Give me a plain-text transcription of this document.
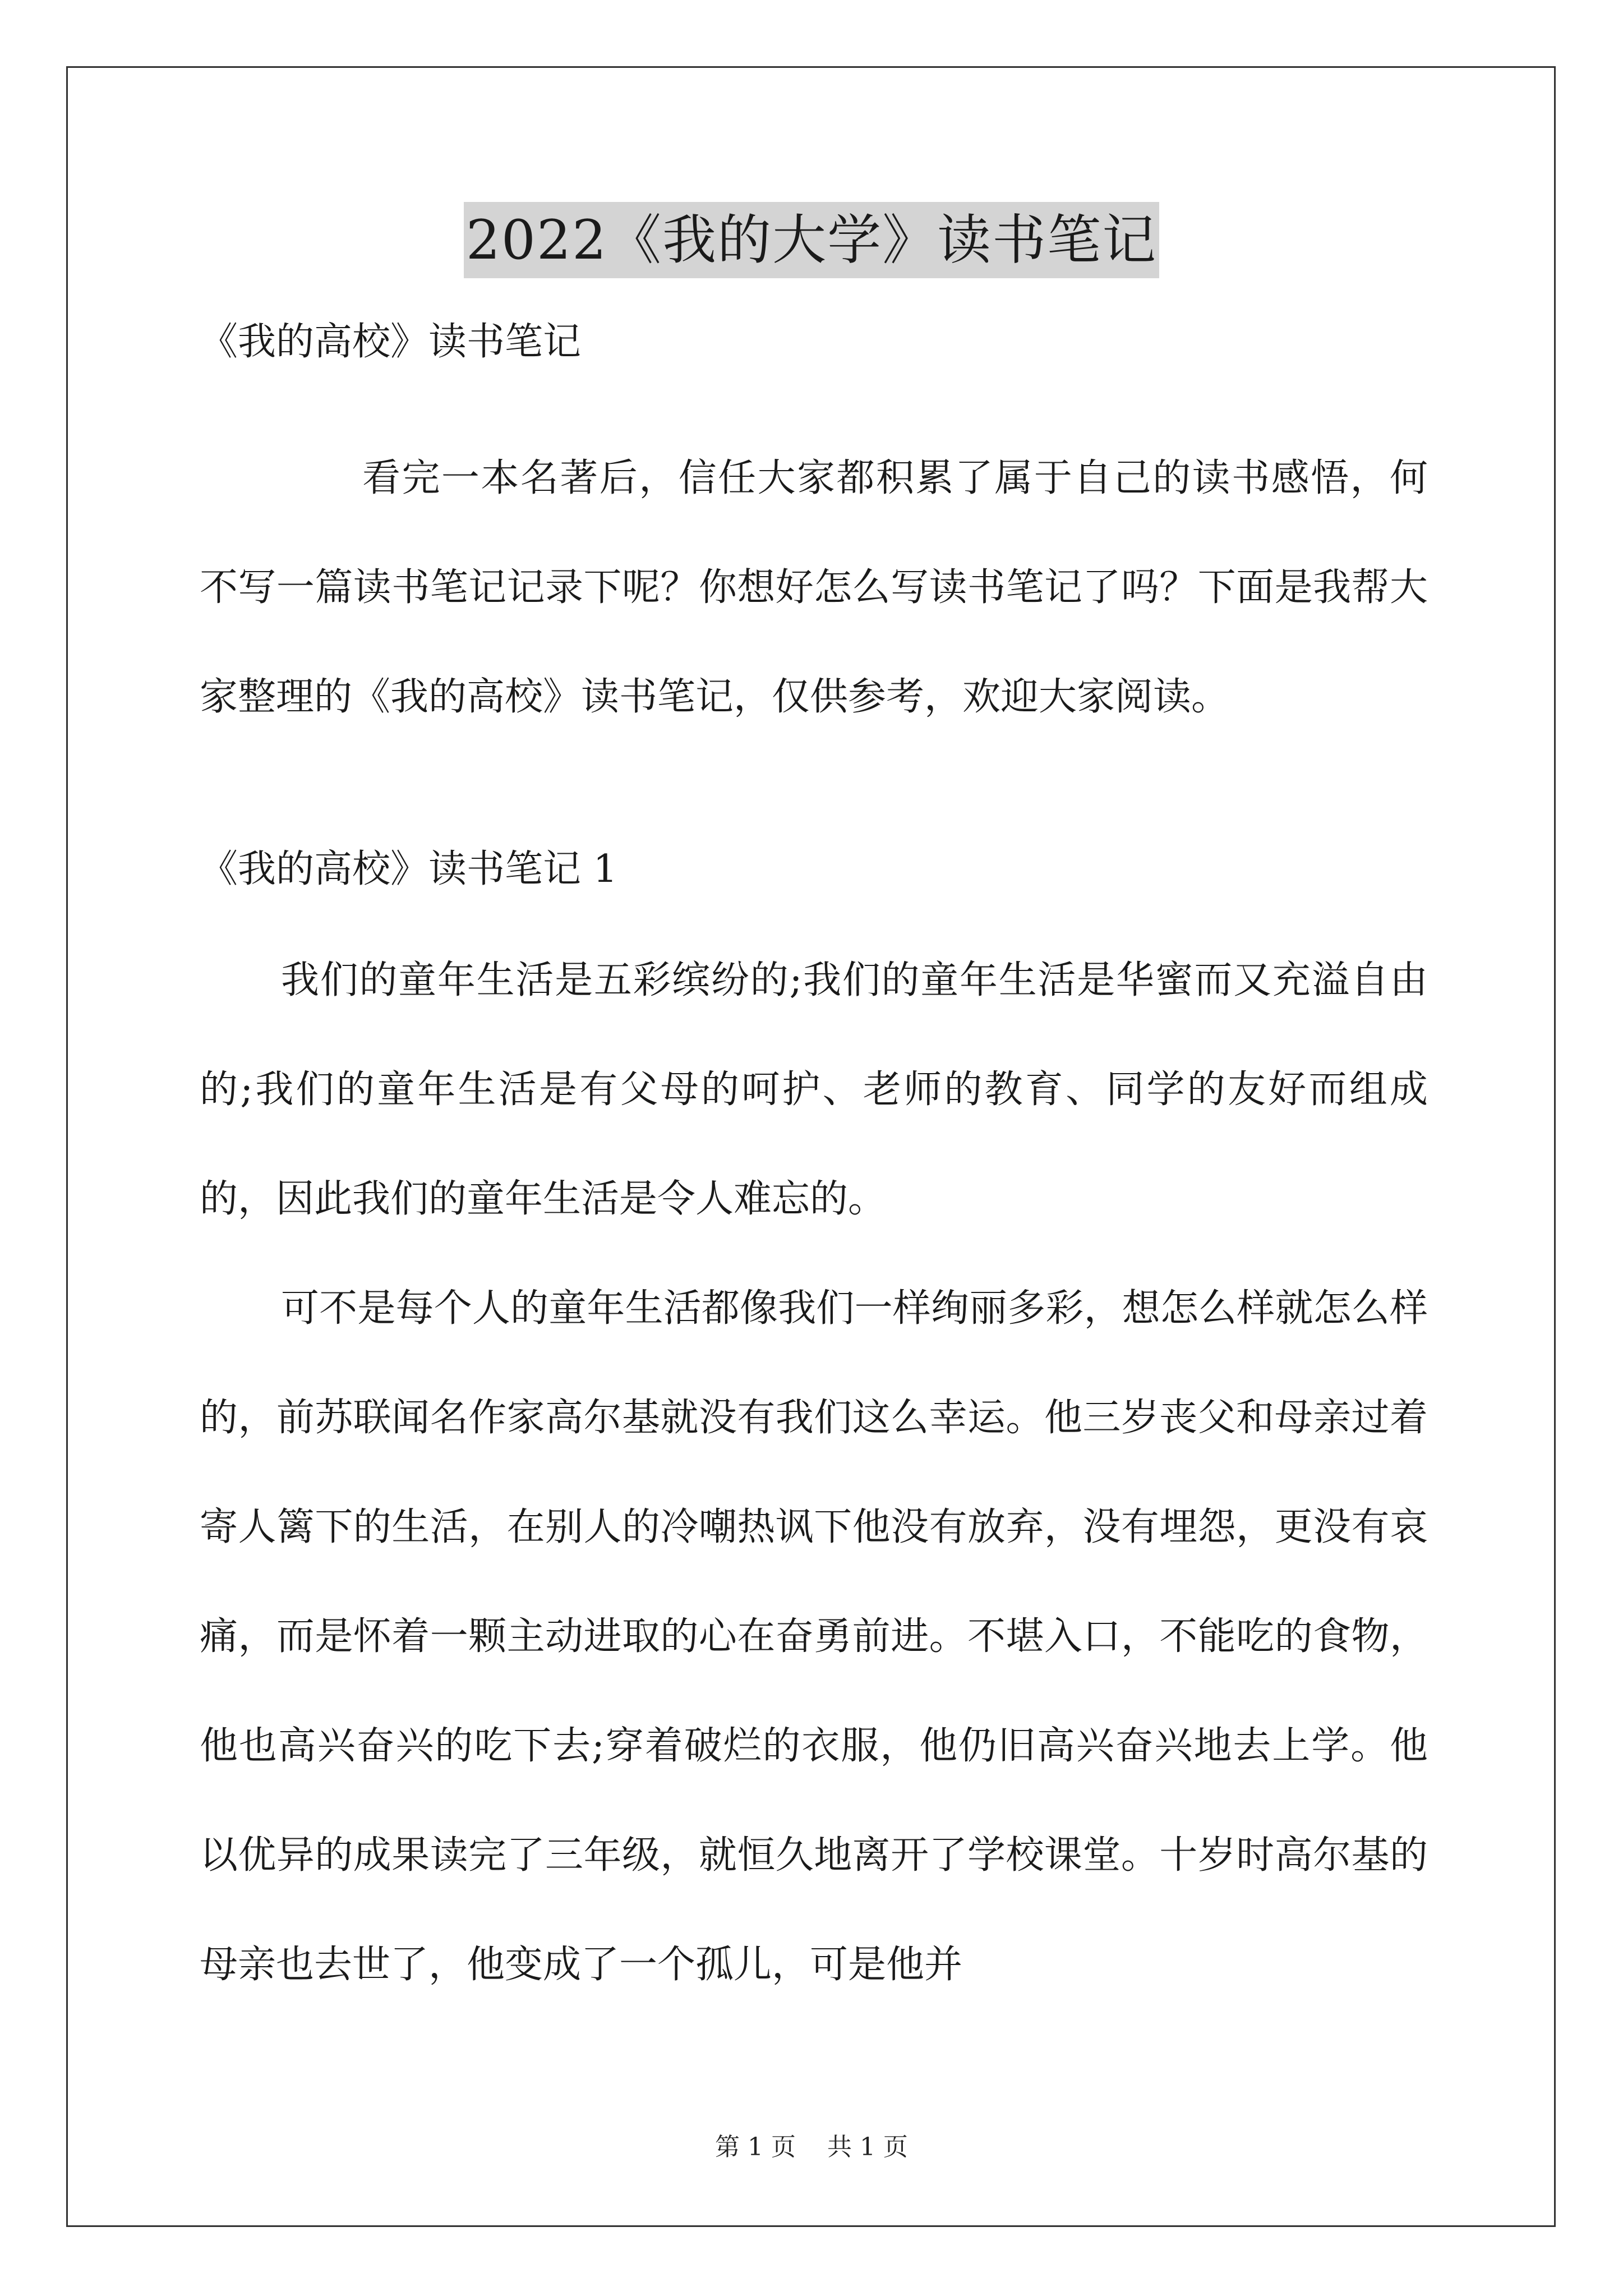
2022《我的大学》读书笔记

《我的高校》读书笔记

看完一本名著后，信任大家都积累了属于自己的读书感悟，何不写一篇读书笔记记录下呢？你想好怎么写读书笔记了吗？下面是我帮大家整理的《我的高校》读书笔记，仅供参考，欢迎大家阅读。

《我的高校》读书笔记 1

我们的童年生活是五彩缤纷的;我们的童年生活是华蜜而又充溢自由的;我们的童年生活是有父母的呵护、老师的教育、同学的友好而组成的，因此我们的童年生活是令人难忘的。

可不是每个人的童年生活都像我们一样绚丽多彩，想怎么样就怎么样的，前苏联闻名作家高尔基就没有我们这么幸运。他三岁丧父和母亲过着寄人篱下的生活，在别人的冷嘲热讽下他没有放弃，没有埋怨，更没有哀痛，而是怀着一颗主动进取的心在奋勇前进。不堪入口，不能吃的食物，他也高兴奋兴的吃下去;穿着破烂的衣服，他仍旧高兴奋兴地去上学。他以优异的成果读完了三年级，就恒久地离开了学校课堂。十岁时高尔基的母亲也去世了，他变成了一个孤儿，可是他并

第 1 页    共 1 页
